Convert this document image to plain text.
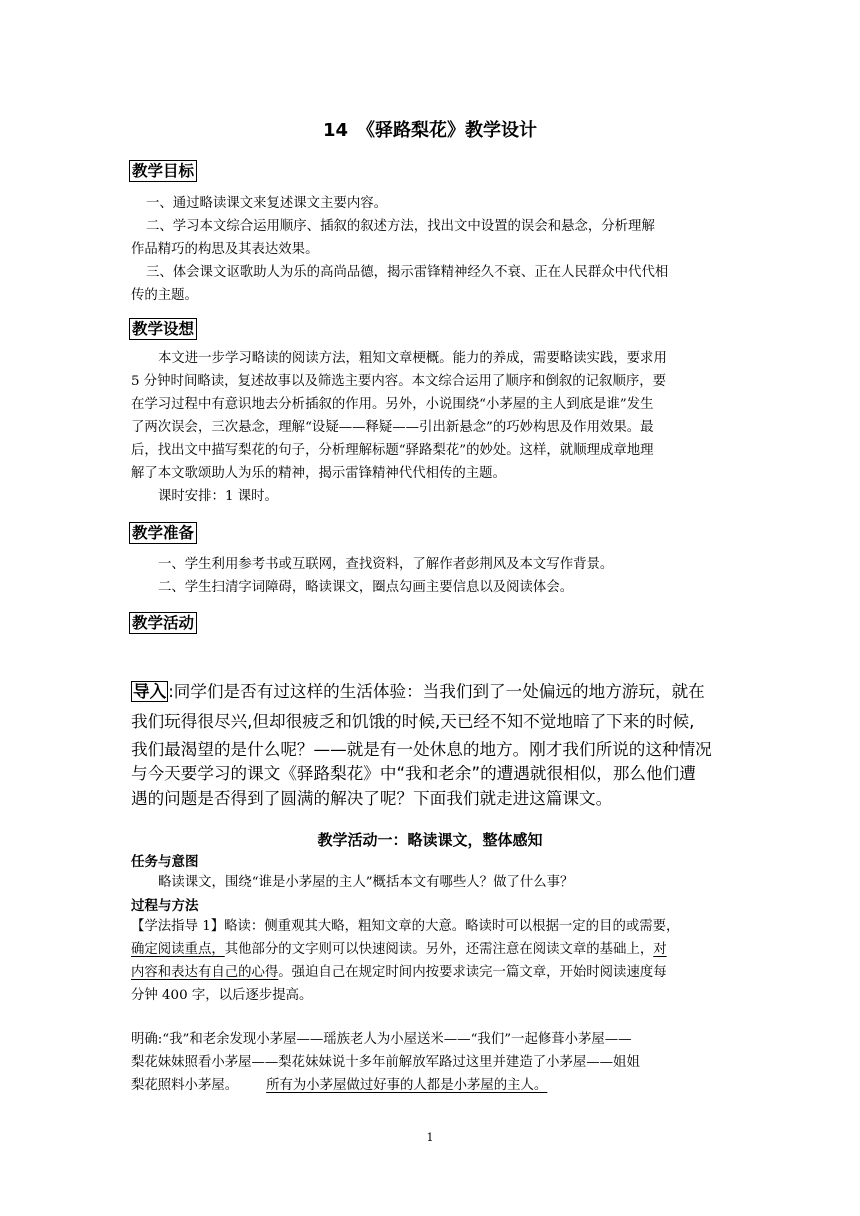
14　《驿路梨花》教学设计
教学目标
一、通过略读课文来复述课文主要内容。
二、学习本文综合运用顺序、插叙的叙述方法，找出文中设置的误会和悬念，分析理解
作品精巧的构思及其表达效果。
三、体会课文讴歌助人为乐的高尚品德，揭示雷锋精神经久不衰、正在人民群众中代代相
传的主题。
教学设想
本文进一步学习略读的阅读方法，粗知文章梗概。能力的养成，需要略读实践，要求用
5 分钟时间略读，复述故事以及筛选主要内容。本文综合运用了顺序和倒叙的记叙顺序，要
在学习过程中有意识地去分析插叙的作用。另外，小说围绕“小茅屋的主人到底是谁”发生
了两次误会，三次悬念，理解“设疑——释疑——引出新悬念”的巧妙构思及作用效果。最
后，找出文中描写梨花的句子，分析理解标题“驿路梨花”的妙处。这样，就顺理成章地理
解了本文歌颂助人为乐的精神，揭示雷锋精神代代相传的主题。
课时安排：1 课时。
教学准备
一、学生利用参考书或互联网，查找资料，了解作者彭荆风及本文写作背景。
二、学生扫清字词障碍，略读课文，圈点勾画主要信息以及阅读体会。
教学活动
导入 :同学们是否有过这样的生活体验：当我们到了一处偏远的地方游玩，就在
我们玩得很尽兴,但却很疲乏和饥饿的时候,天已经不知不觉地暗了下来的时候,
我们最渴望的是什么呢？——就是有一处休息的地方。刚才我们所说的这种情况
与今天要学习的课文《驿路梨花》中“我和老余”的遭遇就很相似，那么他们遭
遇的问题是否得到了圆满的解决了呢？下面我们就走进这篇课文。
教学活动一：略读课文，整体感知
任务与意图
略读课文，围绕“谁是小茅屋的主人”概括本文有哪些人？做了什么事？
过程与方法
【学法指导 1】略读：侧重观其大略，粗知文章的大意。略读时可以根据一定的目的或需要，
确定阅读重点，其他部分的文字则可以快速阅读。另外，还需注意在阅读文章的基础上，对
内容和表达有自己的心得。强迫自己在规定时间内按要求读完一篇文章，开始时阅读速度每
分钟 400 字，以后逐步提高。
明确:“我”和老余发现小茅屋——瑶族老人为小屋送米——“我们”一起修葺小茅屋——
梨花妹妹照看小茅屋——梨花妹妹说十多年前解放军路过这里并建造了小茅屋——姐姐
梨花照料小茅屋。 所有为小茅屋做过好事的人都是小茅屋的主人。
1
